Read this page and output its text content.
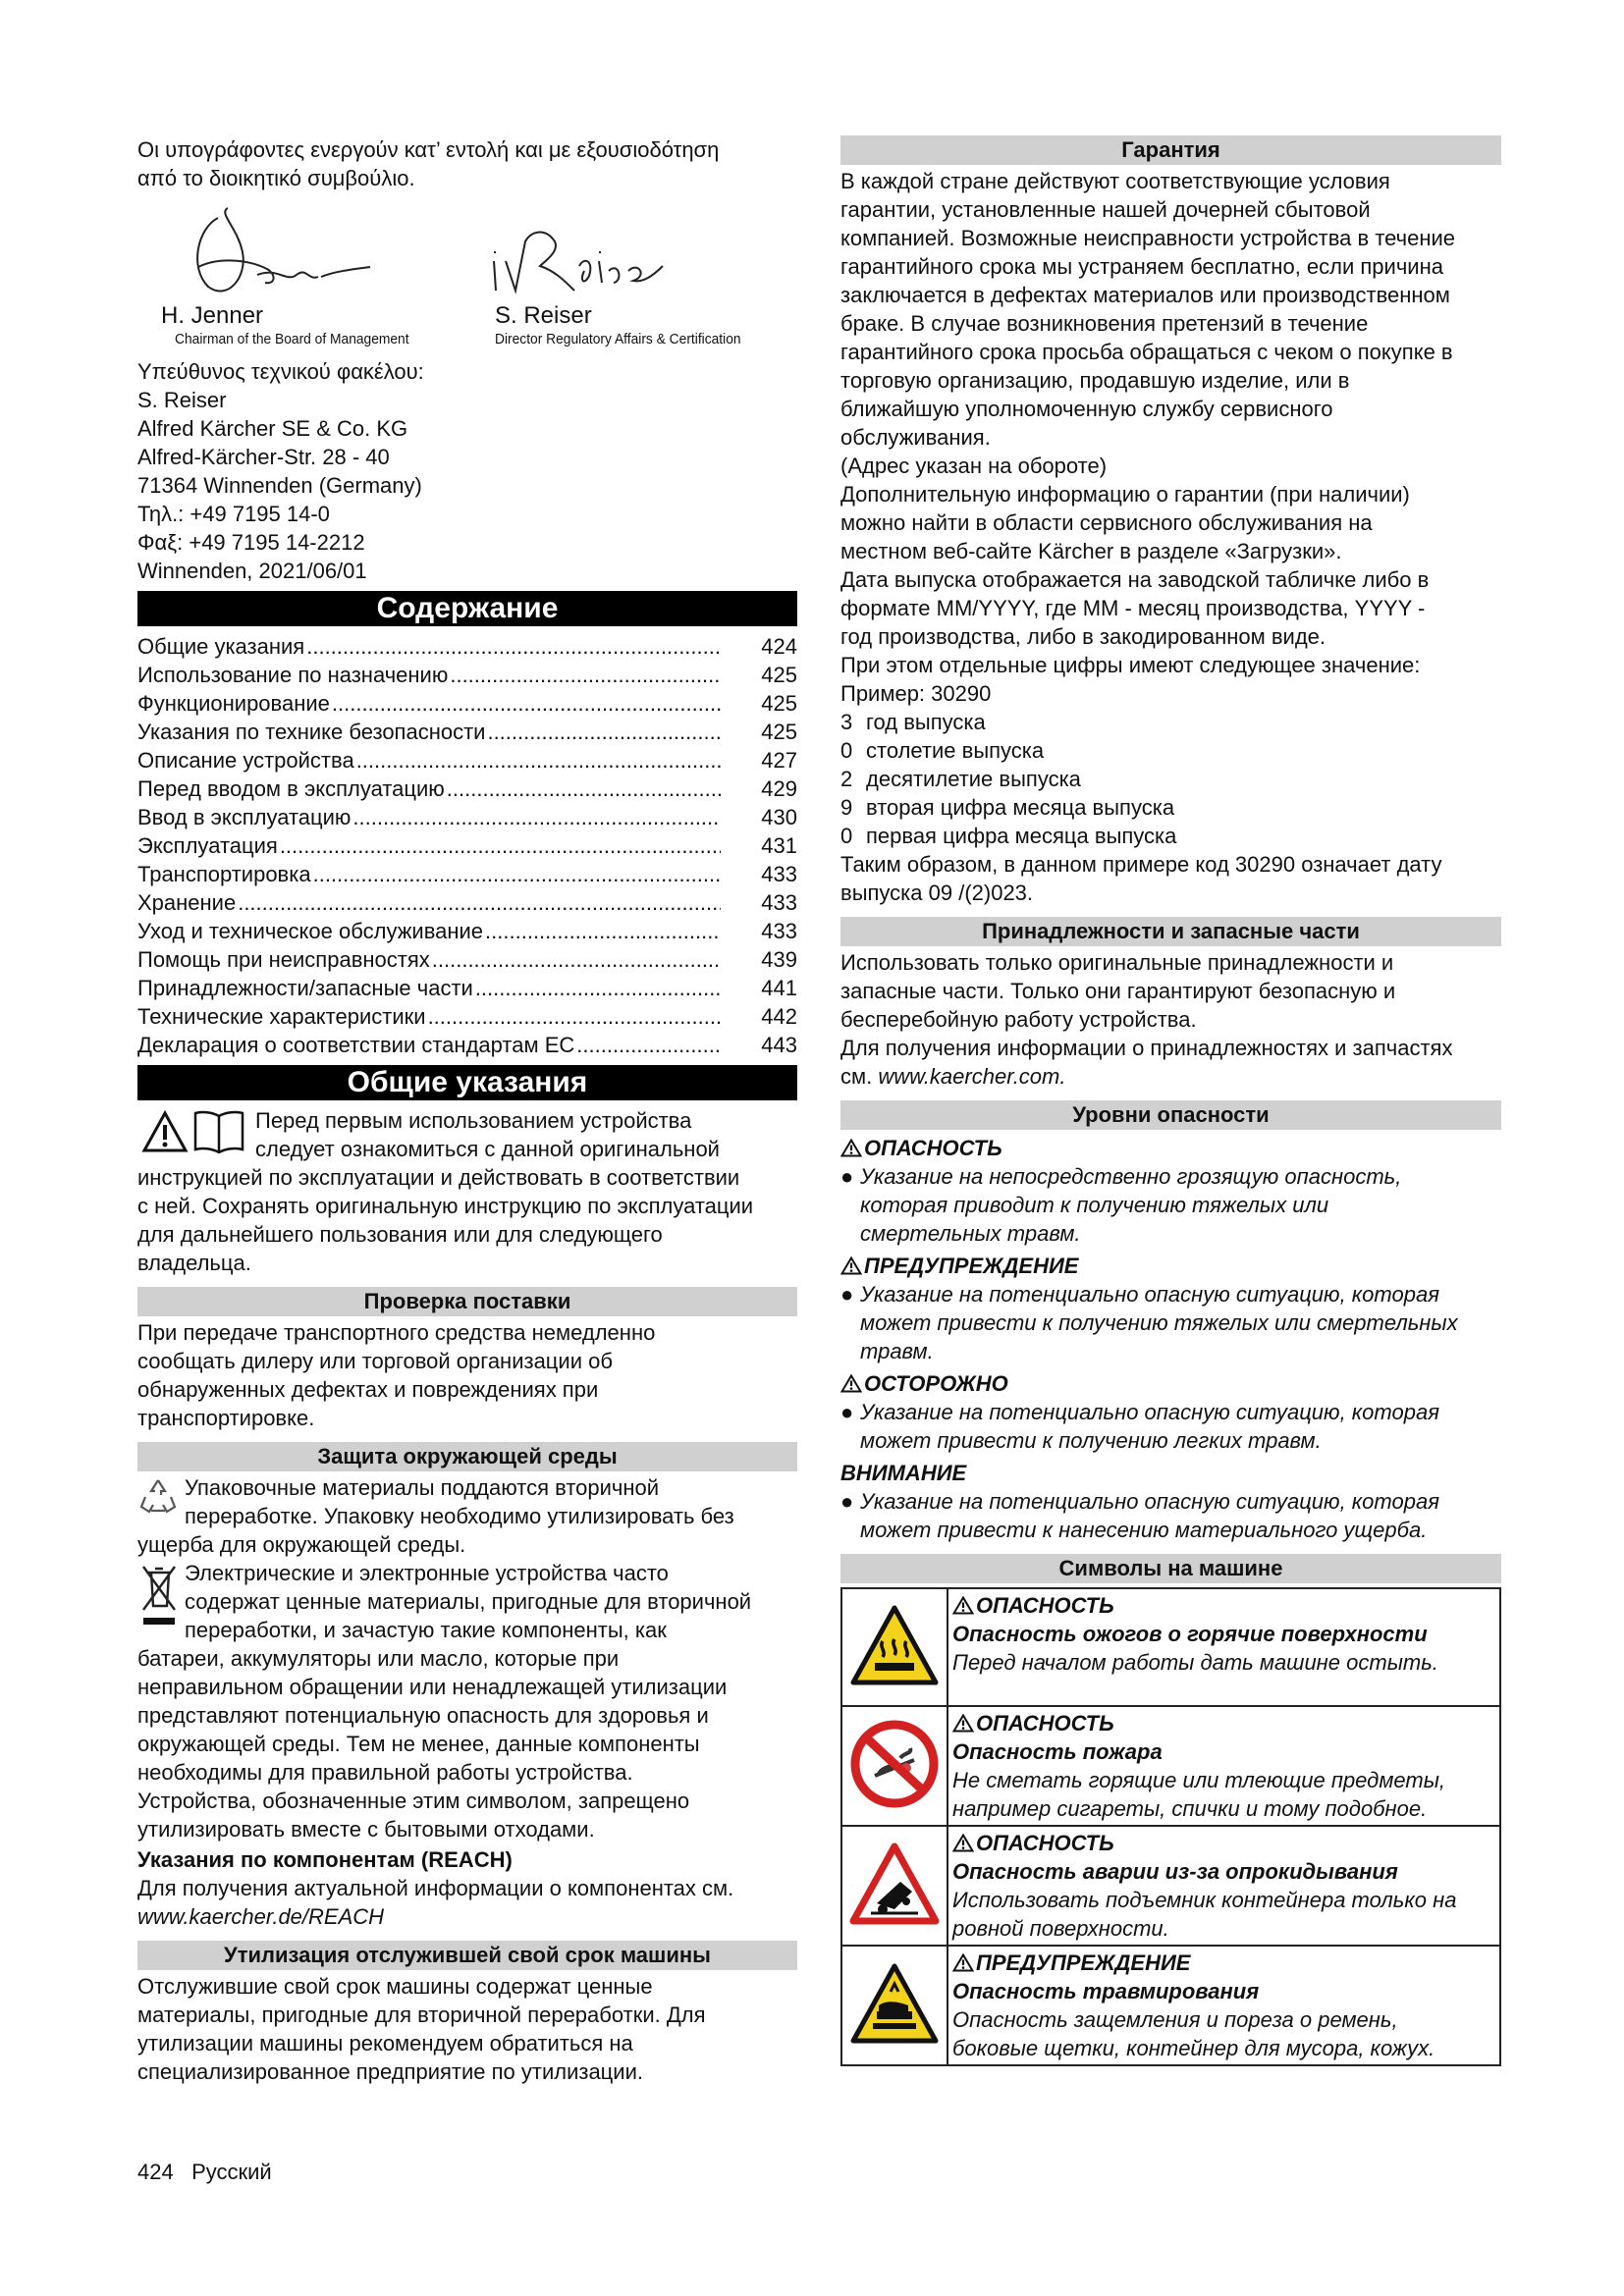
Οι υπογράφοντες ενεργούν κατ’ εντολή και με εξουσιοδότηση

από το διοικητικό συμβούλιο.

H. Jenner
Chairman of the Board of Management
S. Reiser
Director Regulatory Affairs & Certification

Υπεύθυνος τεχνικού φακέλου:

S. Reiser

Alfred Kärcher SE & Co. KG

Alfred-Kärcher-Str. 28 - 40

71364 Winnenden (Germany)

Τηλ.: +49 7195 14-0

Φαξ: +49 7195 14-2212

Winnenden, 2021/06/01

Содержание
Общие указания .....	424
Использование по назначению .....	425
Функционирование .....	425
Указания по технике безопасности .....	425
Описание устройства .....	427
Перед вводом в эксплуатацию .....	429
Ввод в эксплуатацию .....	430
Эксплуатация .....	431
Транспортировка .....	433
Хранение .....	433
Уход и техническое обслуживание .....	433
Помощь при неисправностях .....	439
Принадлежности/запасные части .....	441
Технические характеристики .....	442
Декларация о соответствии стандартам ЕС .....	443
Общие указания

Перед первым использованием устройства

следует ознакомиться с данной оригинальной

инструкцией по эксплуатации и действовать в соответствии

с ней. Сохранять оригинальную инструкцию по эксплуатации

для дальнейшего пользования или для следующего

владельца.

Проверка поставки

При передаче транспортного средства немедленно

сообщать дилеру или торговой организации об

обнаруженных дефектах и повреждениях при

транспортировке.

Защита окружающей среды

Упаковочные материалы поддаются вторичной

переработке. Упаковку необходимо утилизировать без

ущерба для окружающей среды.

Электрические и электронные устройства часто

содержат ценные материалы, пригодные для вторичной

переработки, и зачастую такие компоненты, как

батареи, аккумуляторы или масло, которые при

неправильном обращении или ненадлежащей утилизации

представляют потенциальную опасность для здоровья и

окружающей среды. Тем не менее, данные компоненты

необходимы для правильной работы устройства.

Устройства, обозначенные этим символом, запрещено

утилизировать вместе с бытовыми отходами.

Указания по компонентам (REACH)

Для получения актуальной информации о компонентах см.

www.kaercher.de/REACH

Утилизация отслужившей свой срок машины

Отслужившие свой срок машины содержат ценные

материалы, пригодные для вторичной переработки. Для

утилизации машины рекомендуем обратиться на

специализированное предприятие по утилизации.

Гарантия

В каждой стране действуют соответствующие условия

гарантии, установленные нашей дочерней сбытовой

компанией. Возможные неисправности устройства в течение

гарантийного срока мы устраняем бесплатно, если причина

заключается в дефектах материалов или производственном

браке. В случае возникновения претензий в течение

гарантийного срока просьба обращаться с чеком о покупке в

торговую организацию, продавшую изделие, или в

ближайшую уполномоченную службу сервисного

обслуживания.

(Адрес указан на обороте)

Дополнительную информацию о гарантии (при наличии)

можно найти в области сервисного обслуживания на

местном веб-сайте Kärcher в разделе «Загрузки».

Дата выпуска отображается на заводской табличке либо в

формате MM/YYYY, где MM - месяц производства, YYYY -

год производства, либо в закодированном виде.

При этом отдельные цифры имеют следующее значение:

Пример: 30290

3 год выпуска
0 столетие выпуска
2 десятилетие выпуска
9 вторая цифра месяца выпуска
0 первая цифра месяца выпуска

Таким образом, в данном примере код 30290 означает дату

выпуска 09 /(2)023.

Принадлежности и запасные части

Использовать только оригинальные принадлежности и

запасные части. Только они гарантируют безопасную и

бесперебойную работу устройства.

Для получения информации о принадлежностях и запчастях

см. www.kaercher.com.

Уровни опасности
ОПАСНОСТЬ
● Указание на непосредственно грозящую опасность,
которая приводит к получению тяжелых или
смертельных травм.
ПРЕДУПРЕЖДЕНИЕ
● Указание на потенциально опасную ситуацию, которая
может привести к получению тяжелых или смертельных
травм.
ОСТОРОЖНО
● Указание на потенциально опасную ситуацию, которая
может привести к получению легких травм.
ВНИМАНИЕ
● Указание на потенциально опасную ситуацию, которая
может привести к нанесению материального ущерба.
Символы на машине

ОПАСНОСТЬ
Опасность ожогов о горячие поверхности
Перед началом работы дать машине остыть.

ОПАСНОСТЬ
Опасность пожара
Не сметать горящие или тлеющие предметы,
например сигареты, спички и тому подобное.

ОПАСНОСТЬ
Опасность аварии из-за опрокидывания
Использовать подъемник контейнера только на
ровной поверхности.

ПРЕДУПРЕЖДЕНИЕ
Опасность травмирования
Опасность защемления и пореза о ремень,
боковые щетки, контейнер для мусора, кожух.
424 Русский
